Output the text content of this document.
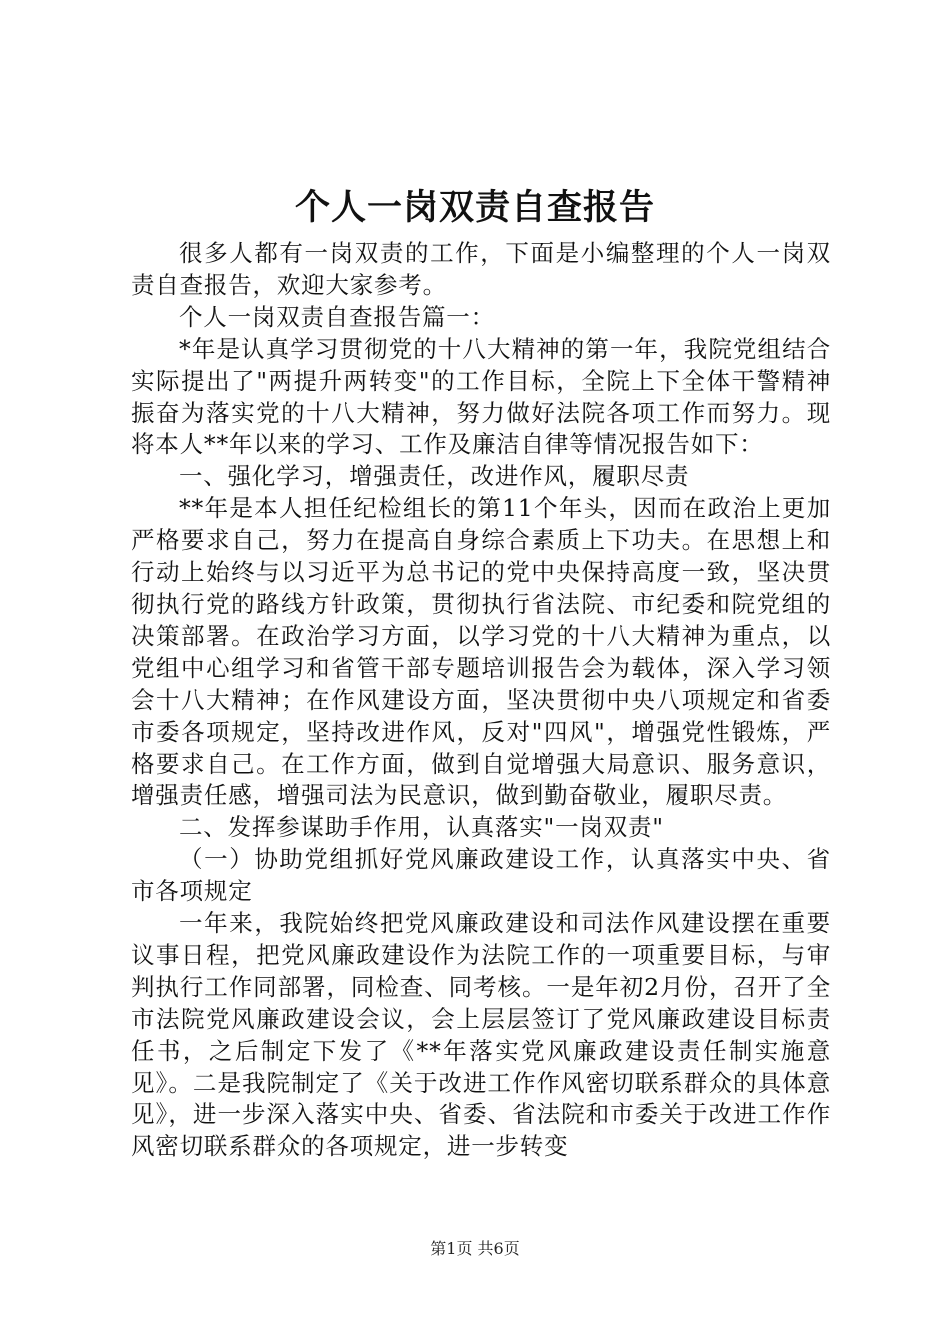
个人一岗双责自查报告

很多人都有一岗双责的工作，下面是小编整理的个人一岗双责自查报告，欢迎大家参考。

个人一岗双责自查报告篇一：

*年是认真学习贯彻党的十八大精神的第一年，我院党组结合实际提出了"两提升两转变"的工作目标，全院上下全体干警精神振奋为落实党的十八大精神，努力做好法院各项工作而努力。现将本人**年以来的学习、工作及廉洁自律等情况报告如下：

一、强化学习，增强责任，改进作风，履职尽责

**年是本人担任纪检组长的第11个年头，因而在政治上更加严格要求自己，努力在提高自身综合素质上下功夫。在思想上和行动上始终与以习近平为总书记的党中央保持高度一致，坚决贯彻执行党的路线方针政策，贯彻执行省法院、市纪委和院党组的决策部署。在政治学习方面，以学习党的十八大精神为重点，以党组中心组学习和省管干部专题培训报告会为载体，深入学习领会十八大精神；在作风建设方面，坚决贯彻中央八项规定和省委市委各项规定，坚持改进作风，反对"四风"，增强党性锻炼，严格要求自己。在工作方面，做到自觉增强大局意识、服务意识，增强责任感，增强司法为民意识，做到勤奋敬业，履职尽责。

二、发挥参谋助手作用，认真落实"一岗双责"

（一）协助党组抓好党风廉政建设工作，认真落实中央、省市各项规定

一年来，我院始终把党风廉政建设和司法作风建设摆在重要议事日程，把党风廉政建设作为法院工作的一项重要目标，与审判执行工作同部署，同检查、同考核。一是年初2月份，召开了全市法院党风廉政建设会议，会上层层签订了党风廉政建设目标责任书，之后制定下发了《**年落实党风廉政建设责任制实施意见》。二是我院制定了《关于改进工作作风密切联系群众的具体意见》，进一步深入落实中央、省委、省法院和市委关于改进工作作风密切联系群众的各项规定，进一步转变

第1页 共6页
